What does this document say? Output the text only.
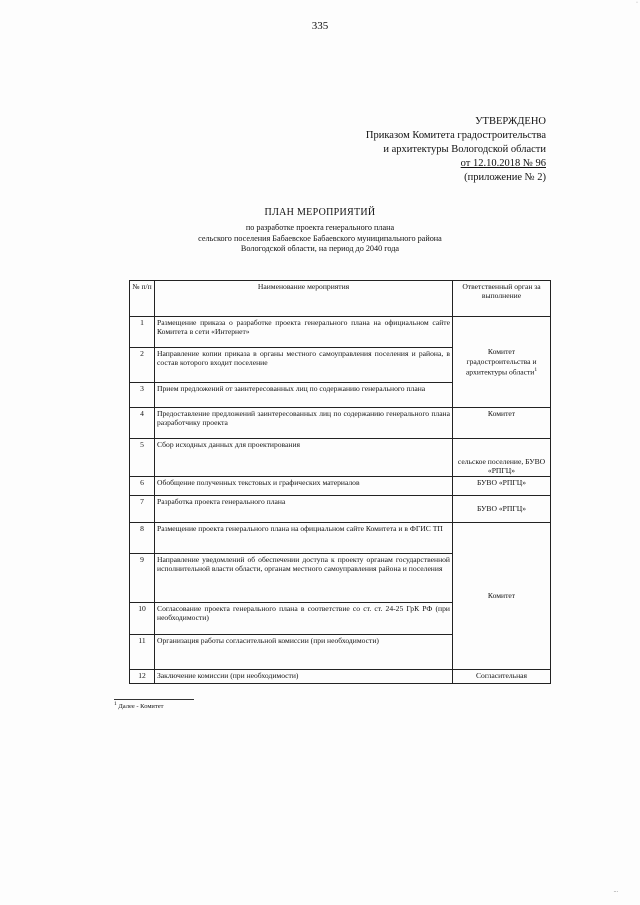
·
335
УТВЕРЖДЕНО
Приказом Комитета градостроительства
и архитектуры Вологодской области
от 12.10.2018 № 96
(приложение № 2)
ПЛАН МЕРОПРИЯТИЙ
по разработке проекта генерального плана
сельского поселения Бабаевское Бабаевского муниципального района
Вологодской области, на период до 2040 года
№ п/п	Наименование мероприятия	Ответственный орган за выполнение
1	Размещение приказа о разработке проекта генерального плана на официальном сайте Комитета в сети «Интернет»	Комитет градостроительства и архитектуры области$^1$
2	Направление копии приказа в органы местного самоуправления поселения и района, в состав которого входит поселение	
3	Прием предложений от заинтересованных лиц по содержанию генерального плана	
4	Предоставление предложений заинтересованных лиц по содержанию генерального плана разработчику проекта	Комитет
5	Сбор исходных данных для проектирования	сельское поселение, БУВО «РПГЦ»
6	Обобщение полученных текстовых и графических материалов	БУВО «РПГЦ»
7	Разработка проекта генерального плана	БУВО «РПГЦ»
8	Размещение проекта генерального плана на официальном сайте Комитета и в ФГИС ТП	Комитет
9	Направление уведомлений об обеспечении доступа к проекту органам государственной исполнительной власти области, органам местного самоуправления района и поселения	
10	Согласование проекта генерального плана в соответствие со ст. ст. 24-25 ГрК РФ (при необходимости)	
11	Организация работы согласительной комиссии (при необходимости)	
12	Заключение комиссии (при необходимости)	Согласительная
$^1$ Далее - Комитет
...
